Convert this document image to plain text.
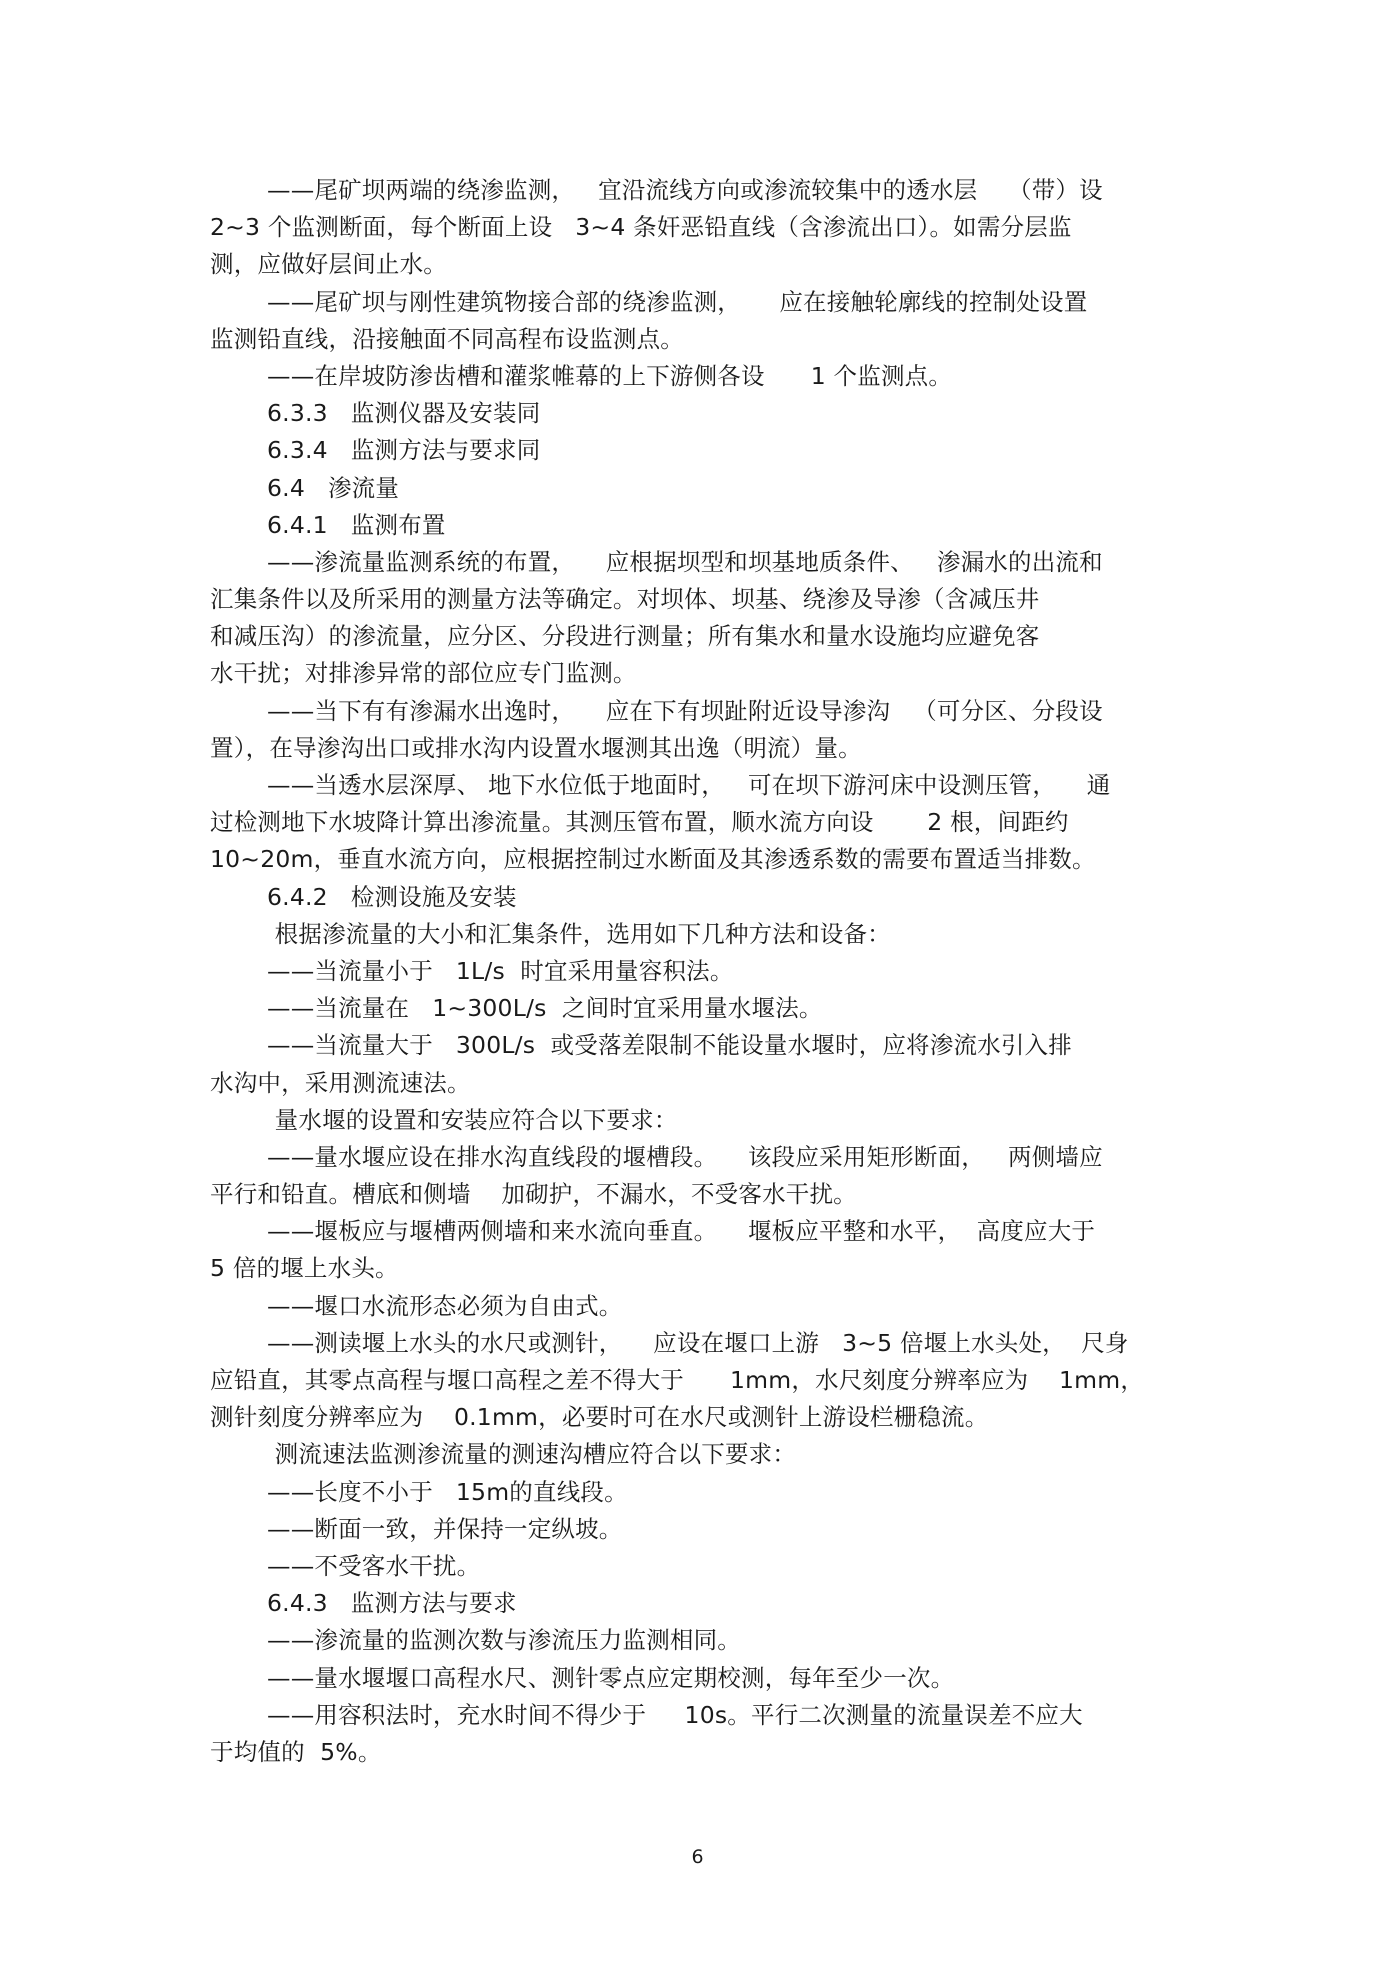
——尾矿坝两端的绕渗监测，   宜沿流线方向或渗流较集中的透水层    （带）设
2~3 个监测断面，每个断面上设   3~4 条奸恶铅直线（含渗流出口）。如需分层监
测，应做好层间止水。
——尾矿坝与刚性建筑物接合部的绕渗监测，     应在接触轮廓线的控制处设置
监测铅直线，沿接触面不同高程布设监测点。
——在岸坡防渗齿槽和灌浆帷幕的上下游侧各设      1 个监测点。
6.3.3   监测仪器及安装同
6.3.4   监测方法与要求同
6.4   渗流量
6.4.1   监测布置
——渗流量监测系统的布置，    应根据坝型和坝基地质条件、   渗漏水的出流和
汇集条件以及所采用的测量方法等确定。对坝体、坝基、绕渗及导渗（含减压井
和减压沟）的渗流量，应分区、分段进行测量；所有集水和量水设施均应避免客
水干扰；对排渗异常的部位应专门监测。
——当下有有渗漏水出逸时，    应在下有坝趾附近设导渗沟   （可分区、分段设
置），在导渗沟出口或排水沟内设置水堰测其出逸（明流）量。
——当透水层深厚、 地下水位低于地面时，   可在坝下游河床中设测压管，    通
过检测地下水坡降计算出渗流量。其测压管布置，顺水流方向设       2 根，间距约
10~20m，垂直水流方向，应根据控制过水断面及其渗透系数的需要布置适当排数。
6.4.2   检测设施及安装
根据渗流量的大小和汇集条件，选用如下几种方法和设备：
——当流量小于   1L/s  时宜采用量容积法。
——当流量在   1~300L/s  之间时宜采用量水堰法。
——当流量大于   300L/s  或受落差限制不能设量水堰时，应将渗流水引入排
水沟中，采用测流速法。
量水堰的设置和安装应符合以下要求：
——量水堰应设在排水沟直线段的堰槽段。    该段应采用矩形断面，   两侧墙应
平行和铅直。槽底和侧墙    加砌护，不漏水，不受客水干扰。
——堰板应与堰槽两侧墙和来水流向垂直。    堰板应平整和水平，  高度应大于
5 倍的堰上水头。
——堰口水流形态必须为自由式。
——测读堰上水头的水尺或测针，    应设在堰口上游   3~5 倍堰上水头处，  尺身
应铅直，其零点高程与堰口高程之差不得大于      1mm，水尺刻度分辨率应为    1mm，
测针刻度分辨率应为    0.1mm，必要时可在水尺或测针上游设栏栅稳流。
测流速法监测渗流量的测速沟槽应符合以下要求：
——长度不小于   15m的直线段。
——断面一致，并保持一定纵坡。
——不受客水干扰。
6.4.3   监测方法与要求
——渗流量的监测次数与渗流压力监测相同。
——量水堰堰口高程水尺、测针零点应定期校测，每年至少一次。
——用容积法时，充水时间不得少于     10s。平行二次测量的流量误差不应大
于均值的  5%。
6
